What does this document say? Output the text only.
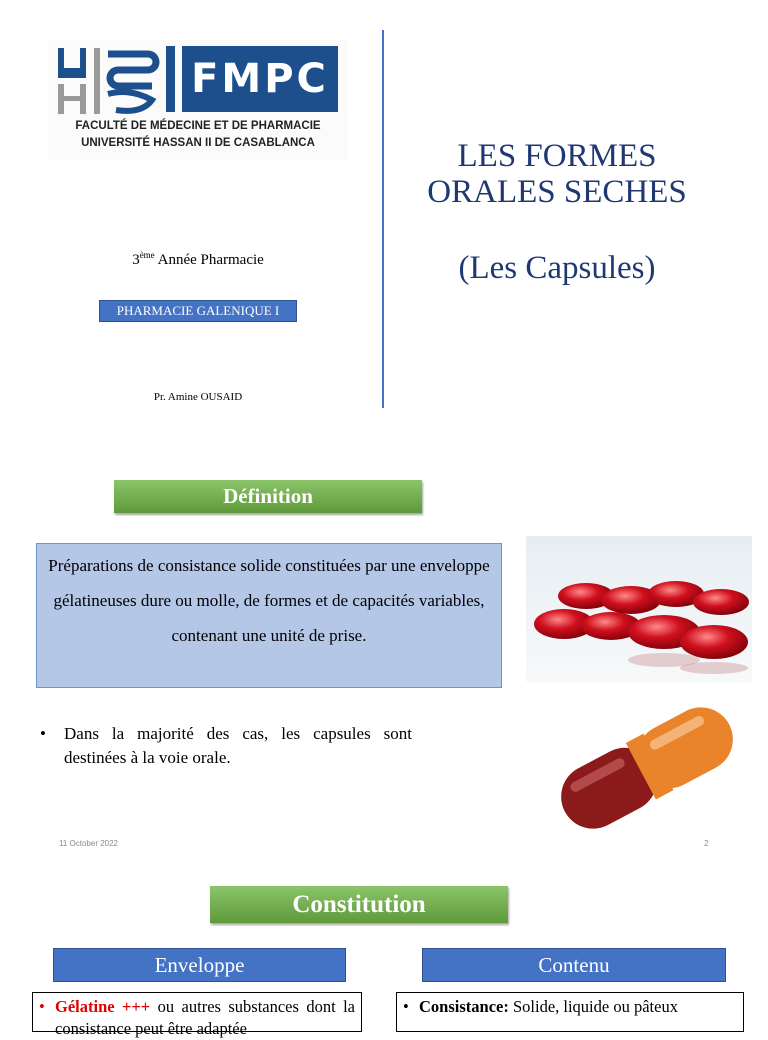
UH2
FMPC
FACULTÉ DE MÉDECINE ET DE PHARMACIE
UNIVERSITÉ HASSAN II DE CASABLANCA
3ème Année Pharmacie
PHARMACIE GALENIQUE I
Pr. Amine OUSAID
LES FORMES
ORALES SECHES
(Les Capsules)
Définition
Préparations de consistance solide constituées par une enveloppe gélatineuses dure ou molle, de formes et de capacités variables, contenant une unité de prise.
•	Dans la majorité des cas, les capsules sont destinées à la voie orale.
11 October 2022	2
Constitution
Enveloppe	Contenu
• Gélatine +++ ou autres substances dont la consistance peut être adaptée
• Consistance: Solide, liquide ou pâteux
